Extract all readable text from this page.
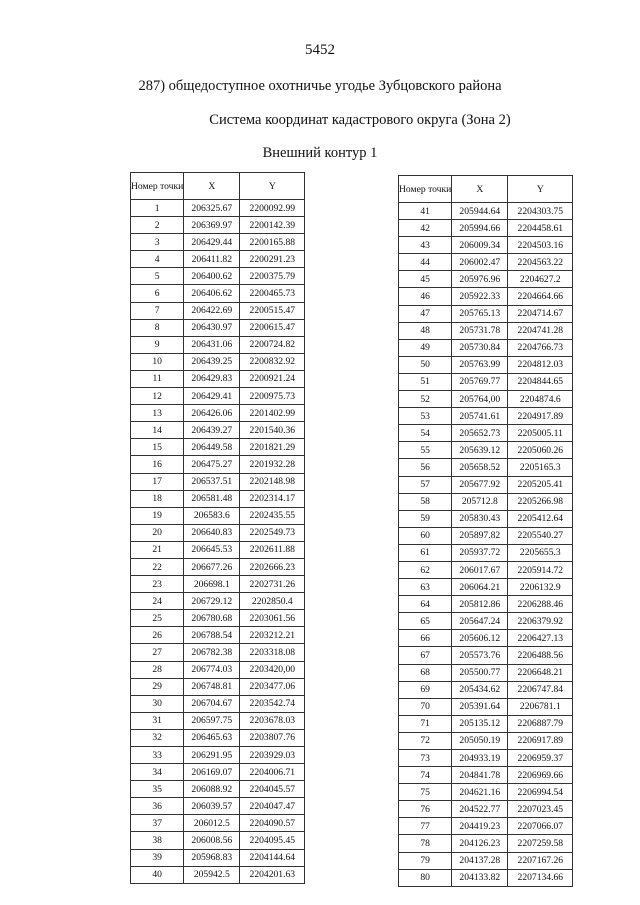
5452
287) общедоступное охотничье угодье Зубцовского района
Система координат кадастрового округа (Зона 2)
Внешний контур 1
Номер точки	X	Y
1	206325.67	2200092.99
2	206369.97	2200142.39
3	206429.44	2200165.88
4	206411.82	2200291.23
5	206400.62	2200375.79
6	206406.62	2200465.73
7	206422.69	2200515.47
8	206430.97	2200615.47
9	206431.06	2200724.82
10	206439.25	2200832.92
11	206429.83	2200921.24
12	206429.41	2200975.73
13	206426.06	2201402.99
14	206439.27	2201540.36
15	206449.58	2201821.29
16	206475.27	2201932.28
17	206537.51	2202148.98
18	206581.48	2202314.17
19	206583.6	2202435.55
20	206640.83	2202549.73
21	206645.53	2202611.88
22	206677.26	2202666.23
23	206698.1	2202731.26
24	206729.12	2202850.4
25	206780.68	2203061.56
26	206788.54	2203212.21
27	206782.38	2203318.08
28	206774.03	2203420,00
29	206748.81	2203477.06
30	206704.67	2203542.74
31	206597.75	2203678.03
32	206465.63	2203807.76
33	206291.95	2203929.03
34	206169.07	2204006.71
35	206088.92	2204045.57
36	206039.57	2204047.47
37	206012.5	2204090.57
38	206008.56	2204095.45
39	205968.83	2204144.64
40	205942.5	2204201.63
Номер точки	X	Y
41	205944.64	2204303.75
42	205994.66	2204458.61
43	206009.34	2204503.16
44	206002.47	2204563.22
45	205976.96	2204627.2
46	205922.33	2204664.66
47	205765.13	2204714.67
48	205731.78	2204741.28
49	205730.84	2204766.73
50	205763.99	2204812.03
51	205769.77	2204844.65
52	205764,00	2204874.6
53	205741.61	2204917.89
54	205652.73	2205005.11
55	205639.12	2205060.26
56	205658.52	2205165.3
57	205677.92	2205205.41
58	205712.8	2205266.98
59	205830.43	2205412.64
60	205897.82	2205540.27
61	205937.72	2205655.3
62	206017.67	2205914.72
63	206064.21	2206132.9
64	205812.86	2206288.46
65	205647.24	2206379.92
66	205606.12	2206427.13
67	205573.76	2206488.56
68	205500.77	2206648.21
69	205434.62	2206747.84
70	205391.64	2206781.1
71	205135.12	2206887.79
72	205050.19	2206917.89
73	204933.19	2206959.37
74	204841.78	2206969.66
75	204621.16	2206994.54
76	204522.77	2207023.45
77	204419.23	2207066.07
78	204126.23	2207259.58
79	204137.28	2207167.26
80	204133.82	2207134.66
